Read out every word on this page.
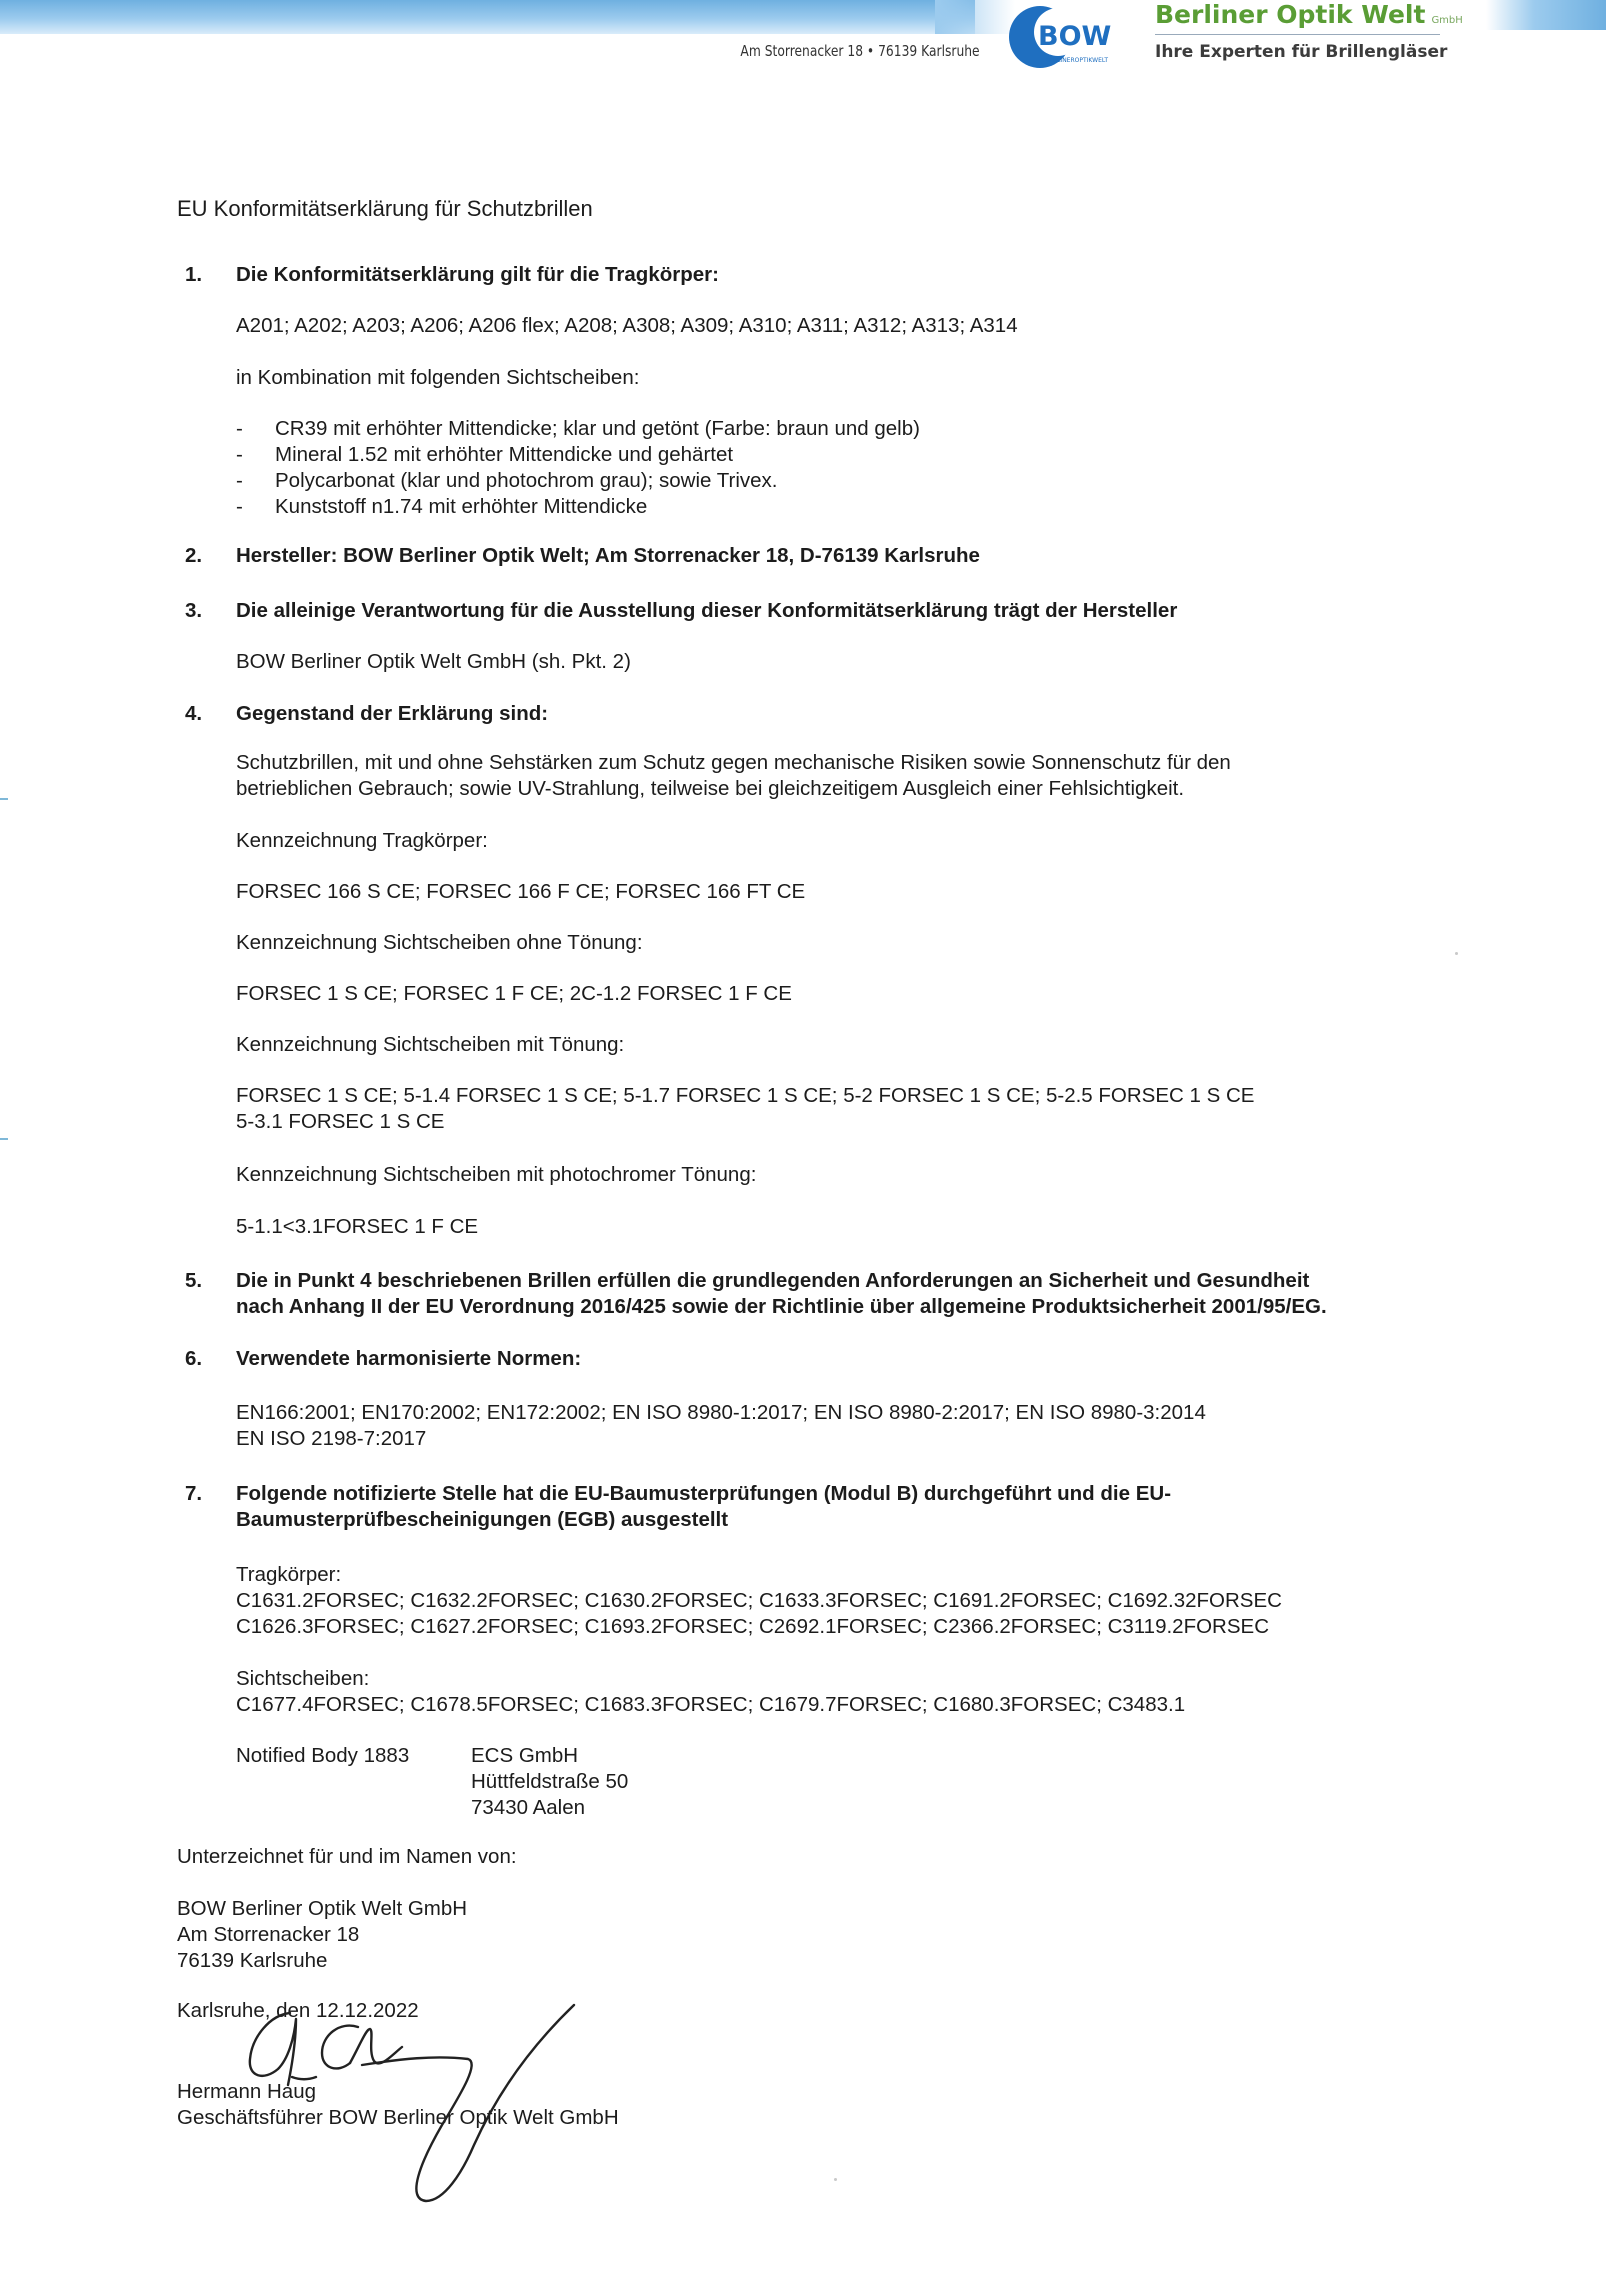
Am Storrenacker 18 • 76139 Karlsruhe BOW
BERLINEROPTIKWELT
Berliner Optik Welt GmbH
Ihre Experten für Brillengläser

EU Konformitätserklärung für Schutzbrillen

1. Die Konformitätserklärung gilt für die Tragkörper:

A201; A202; A203; A206; A206 flex; A208; A308; A309; A310; A311; A312; A313; A314

in Kombination mit folgenden Sichtscheiben:

- CR39 mit erhöhter Mittendicke; klar und getönt (Farbe: braun und gelb)

- Mineral 1.52 mit erhöhter Mittendicke und gehärtet

- Polycarbonat (klar und photochrom grau); sowie Trivex.

- Kunststoff n1.74 mit erhöhter Mittendicke

2. Hersteller: BOW Berliner Optik Welt; Am Storrenacker 18, D-76139 Karlsruhe

3. Die alleinige Verantwortung für die Ausstellung dieser Konformitätserklärung trägt der Hersteller

BOW Berliner Optik Welt GmbH (sh. Pkt. 2)

4. Gegenstand der Erklärung sind:

Schutzbrillen, mit und ohne Sehstärken zum Schutz gegen mechanische Risiken sowie Sonnenschutz für den

betrieblichen Gebrauch; sowie UV-Strahlung, teilweise bei gleichzeitigem Ausgleich einer Fehlsichtigkeit.

Kennzeichnung Tragkörper:

FORSEC 166 S CE; FORSEC 166 F CE; FORSEC 166 FT CE

Kennzeichnung Sichtscheiben ohne Tönung:

FORSEC 1 S CE; FORSEC 1 F CE; 2C-1.2 FORSEC 1 F CE

Kennzeichnung Sichtscheiben mit Tönung:

FORSEC 1 S CE; 5-1.4 FORSEC 1 S CE; 5-1.7 FORSEC 1 S CE; 5-2 FORSEC 1 S CE; 5-2.5 FORSEC 1 S CE

5-3.1 FORSEC 1 S CE

Kennzeichnung Sichtscheiben mit photochromer Tönung:

5-1.1<3.1FORSEC 1 F CE

5. Die in Punkt 4 beschriebenen Brillen erfüllen die grundlegenden Anforderungen an Sicherheit und Gesundheit

nach Anhang II der EU Verordnung 2016/425 sowie der Richtlinie über allgemeine Produktsicherheit 2001/95/EG.

6. Verwendete harmonisierte Normen:

EN166:2001; EN170:2002; EN172:2002; EN ISO 8980-1:2017; EN ISO 8980-2:2017; EN ISO 8980-3:2014

EN ISO 2198-7:2017

7. Folgende notifizierte Stelle hat die EU-Baumusterprüfungen (Modul B) durchgeführt und die EU-

Baumusterprüfbescheinigungen (EGB) ausgestellt

Tragkörper:

C1631.2FORSEC; C1632.2FORSEC; C1630.2FORSEC; C1633.3FORSEC; C1691.2FORSEC; C1692.32FORSEC

C1626.3FORSEC; C1627.2FORSEC; C1693.2FORSEC; C2692.1FORSEC; C2366.2FORSEC; C3119.2FORSEC

Sichtscheiben:

C1677.4FORSEC; C1678.5FORSEC; C1683.3FORSEC; C1679.7FORSEC; C1680.3FORSEC; C3483.1

Notified Body 1883	ECS GmbH

Hüttfeldstraße 50

73430 Aalen

Unterzeichnet für und im Namen von:

BOW Berliner Optik Welt GmbH

Am Storrenacker 18

76139 Karlsruhe

Karlsruhe, den 12.12.2022

Hermann Haug

Geschäftsführer BOW Berliner Optik Welt GmbH
